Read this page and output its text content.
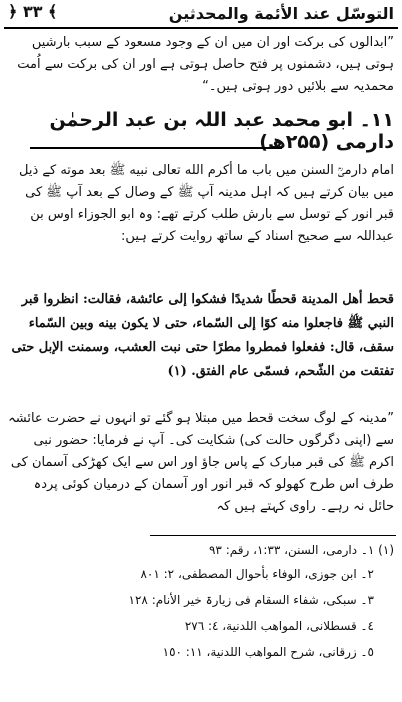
التوسّل عند الأئمة والمحدثين
﴾ ٣٣ ﴿
”ابدالوں کی برکت اور ان میں ان کے وجود مسعود کے سبب بارشیں ہوتی ہیں، دشمنوں پر فتح حاصل ہوتی ہے اور ان کی برکت سے اُمت محمدیہ سے بلائیں دور ہوتی ہیں۔“
۱۱۔ ابو محمد عبد اللہ بن عبد الرحمٰن دارمی (۲۵۵ھ)
امام دارمیؒ السنن میں باب ما أکرم الله تعالی نبیه ﷺ بعد موته کے ذیل میں بیان کرتے ہیں کہ اہل مدینہ آپ ﷺ کے وصال کے بعد آپ ﷺ کی قبر انور کے توسل سے بارش طلب کرتے تھے: وہ ابو الجوزاء اوس بن عبداللہ سے صحیح اسناد کے ساتھ روایت کرتے ہیں:
قحط أهل المدينة قحطًا شديدًا فشكوا إلى عائشة، فقالت: انظروا قبر النبي ﷺ فاجعلوا منه كوًا إلى السّماء، حتى لا يكون بينه وبين السّماء سقف، قال: ففعلوا فمطروا مطرًا حتى نبت العشب، وسمنت الإبل حتى تفتقت من الشّحم، فسمّى عام الفتق. (١)
”مدینہ کے لوگ سخت قحط میں مبتلا ہو گئے تو انہوں نے حضرت عائشہ سے (اپنی دگرگوں حالت کی) شکایت کی۔ آپ نے فرمایا: حضور نبی اکرم ﷺ کی قبر مبارک کے پاس جاؤ اور اس سے ایک کھڑکی آسمان کی طرف اس طرح کھولو کہ قبر انور اور آسمان کے درمیان کوئی پردہ حائل نہ رہے۔ راوی کہتے ہیں کہ
(١) ١۔ دارمی، السنن، ١:٣٣، رقم: ٩٣
٢۔ ابن جوزی، الوفاء بأحوال المصطفی، ٢: ٨٠١
٣۔ سبکی، شفاء السقام فی زیارۃ خیر الأنام: ١٢٨
٤۔ قسطلانی، المواهب اللدنیة، ٤: ٢٧٦
٥۔ زرقانی، شرح المواهب اللدنیة، ١١: ١٥٠
